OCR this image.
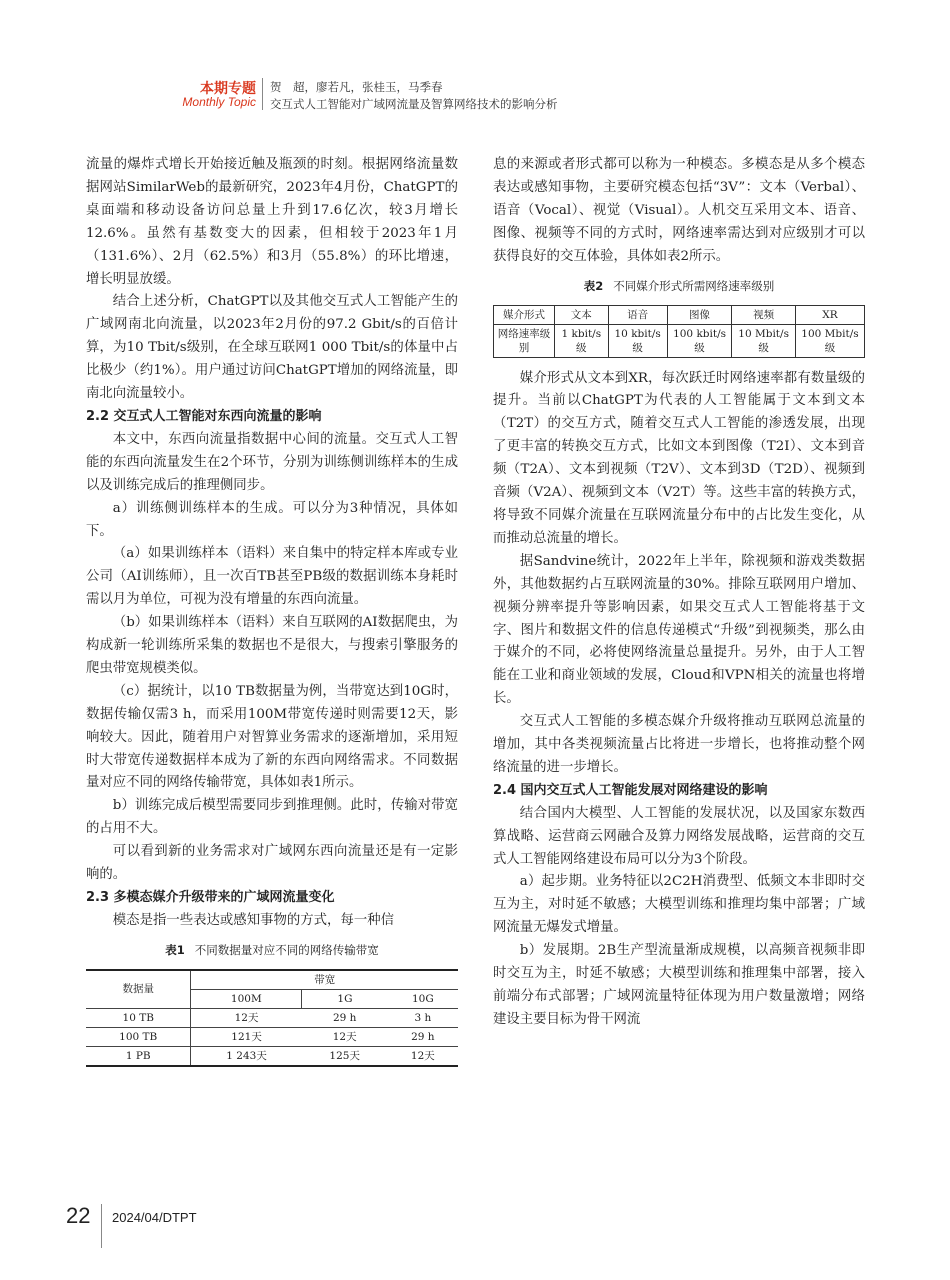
本期专题
Monthly Topic
贺　超，廖若凡，张桂玉，马季春
交互式人工智能对广域网流量及智算网络技术的影响分析

流量的爆炸式增长开始接近触及瓶颈的时刻。根据网络流量数据网站SimilarWeb的最新研究，2023年4月份，ChatGPT的桌面端和移动设备访问总量上升到17.6亿次，较3月增长12.6%。虽然有基数变大的因素，但相较于2023年1月（131.6%）、2月（62.5%）和3月（55.8%）的环比增速，增长明显放缓。

结合上述分析，ChatGPT以及其他交互式人工智能产生的广域网南北向流量，以2023年2月份的97.2 Gbit/s的百倍计算，为10 Tbit/s级别，在全球互联网1 000 Tbit/s的体量中占比极少（约1%）。用户通过访问ChatGPT增加的网络流量，即南北向流量较小。

2.2 交互式人工智能对东西向流量的影响

本文中，东西向流量指数据中心间的流量。交互式人工智能的东西向流量发生在2个环节，分别为训练侧训练样本的生成以及训练完成后的推理侧同步。

a）训练侧训练样本的生成。可以分为3种情况，具体如下。

（a）如果训练样本（语料）来自集中的特定样本库或专业公司（AI训练师），且一次百TB甚至PB级的数据训练本身耗时需以月为单位，可视为没有增量的东西向流量。

（b）如果训练样本（语料）来自互联网的AI数据爬虫，为构成新一轮训练所采集的数据也不是很大，与搜索引擎服务的爬虫带宽规模类似。

（c）据统计，以10 TB数据量为例，当带宽达到10G时，数据传输仅需3 h，而采用100M带宽传递时则需要12天，影响较大。因此，随着用户对智算业务需求的逐渐增加，采用短时大带宽传递数据样本成为了新的东西向网络需求。不同数据量对应不同的网络传输带宽，具体如表1所示。

b）训练完成后模型需要同步到推理侧。此时，传输对带宽的占用不大。

可以看到新的业务需求对广域网东西向流量还是有一定影响的。

2.3 多模态媒介升级带来的广域网流量变化

模态是指一些表达或感知事物的方式，每一种信

表1 不同数据量对应不同的网络传输带宽
数据量	带宽		
	100M	1G	10G
10 TB	12天	29 h	3 h
100 TB	121天	12天	29 h
1 PB	1 243天	125天	12天

息的来源或者形式都可以称为一种模态。多模态是从多个模态表达或感知事物，主要研究模态包括“3V”：文本（Verbal）、语音（Vocal）、视觉（Visual）。人机交互采用文本、语音、图像、视频等不同的方式时，网络速率需达到对应级别才可以获得良好的交互体验，具体如表2所示。

表2 不同媒介形式所需网络速率级别
媒介形式	文本	语音	图像	视频	XR
网络速率级别	1 kbit/s级	10 kbit/s级	100 kbit/s级	10 Mbit/s级	100 Mbit/s级

媒介形式从文本到XR，每次跃迁时网络速率都有数量级的提升。当前以ChatGPT为代表的人工智能属于文本到文本（T2T）的交互方式，随着交互式人工智能的渗透发展，出现了更丰富的转换交互方式，比如文本到图像（T2I）、文本到音频（T2A）、文本到视频（T2V）、文本到3D（T2D）、视频到音频（V2A）、视频到文本（V2T）等。这些丰富的转换方式，将导致不同媒介流量在互联网流量分布中的占比发生变化，从而推动总流量的增长。

据Sandvine统计，2022年上半年，除视频和游戏类数据外，其他数据约占互联网流量的30%。排除互联网用户增加、视频分辨率提升等影响因素，如果交互式人工智能将基于文字、图片和数据文件的信息传递模式“升级”到视频类，那么由于媒介的不同，必将使网络流量总量提升。另外，由于人工智能在工业和商业领域的发展，Cloud和VPN相关的流量也将增长。

交互式人工智能的多模态媒介升级将推动互联网总流量的增加，其中各类视频流量占比将进一步增长，也将推动整个网络流量的进一步增长。

2.4 国内交互式人工智能发展对网络建设的影响

结合国内大模型、人工智能的发展状况，以及国家东数西算战略、运营商云网融合及算力网络发展战略，运营商的交互式人工智能网络建设布局可以分为3个阶段。

a）起步期。业务特征以2C2H消费型、低频文本非即时交互为主，对时延不敏感；大模型训练和推理均集中部署；广域网流量无爆发式增量。

b）发展期。2B生产型流量渐成规模，以高频音视频非即时交互为主，时延不敏感；大模型训练和推理集中部署，接入前端分布式部署；广域网流量特征体现为用户数量激增；网络建设主要目标为骨干网流

22 2024/04/DTPT
